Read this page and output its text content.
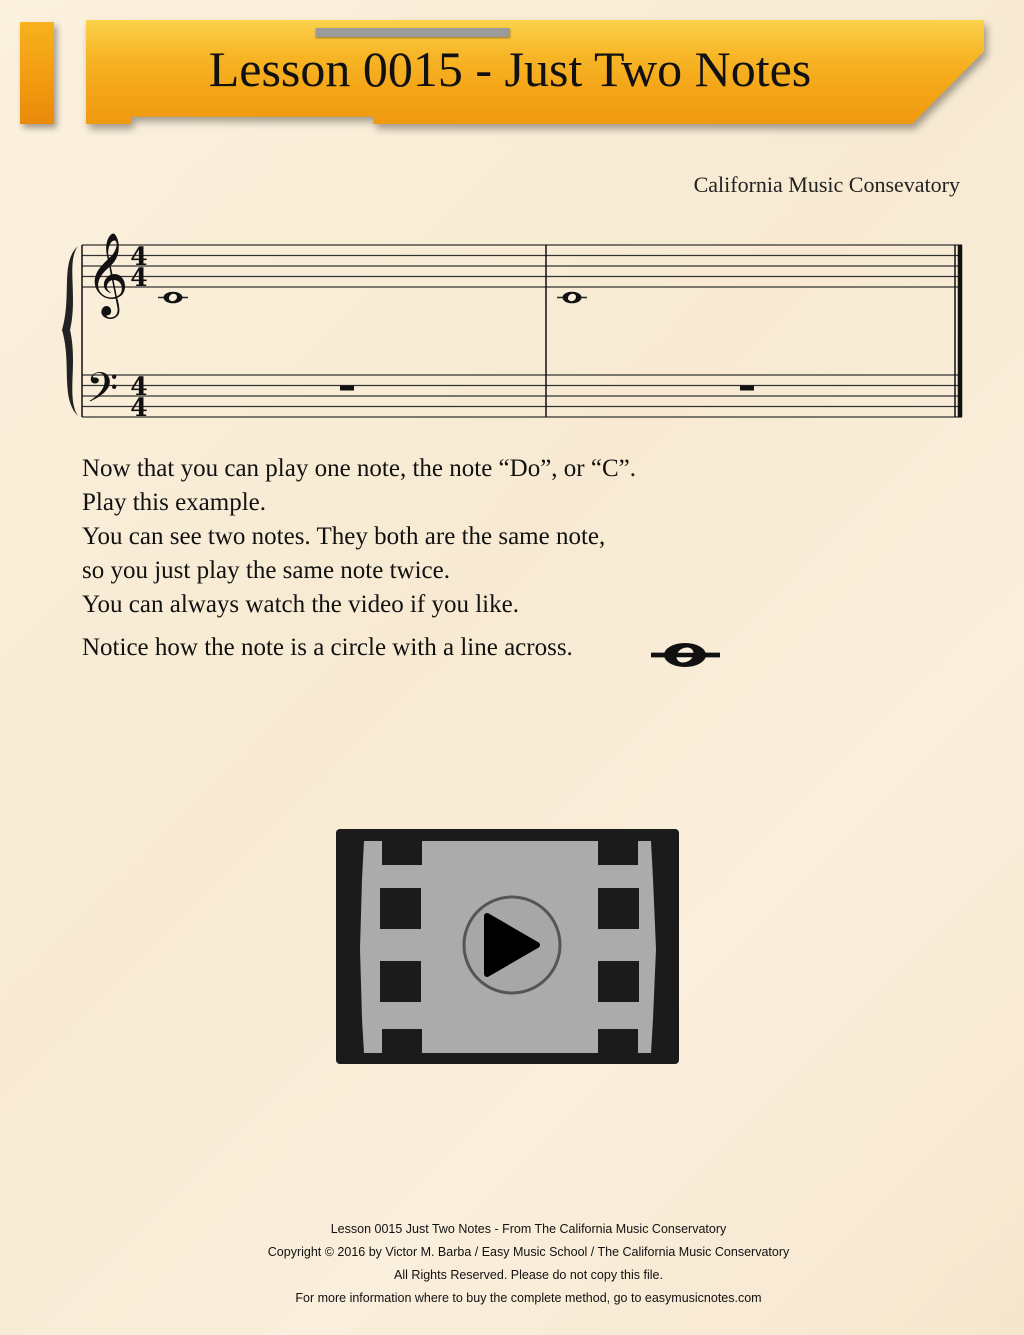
Lesson 0015 - Just Two Notes
California Music Consevatory
𝄞
𝄢
4
4
4
4
Now that you can play one note, the note “Do”, or “C”.
Play this example.
You can see two notes. They both are the same note,
so you just play the same note twice.
You can always watch the video if you like.
Notice how the note is a circle with a line across.
Lesson 0015 Just Two Notes - From The California Music Conservatory
Copyright © 2016 by Victor M. Barba / Easy Music School / The California Music Conservatory
All Rights Reserved. Please do not copy this file.
For more information where to buy the complete method, go to easymusicnotes.com
